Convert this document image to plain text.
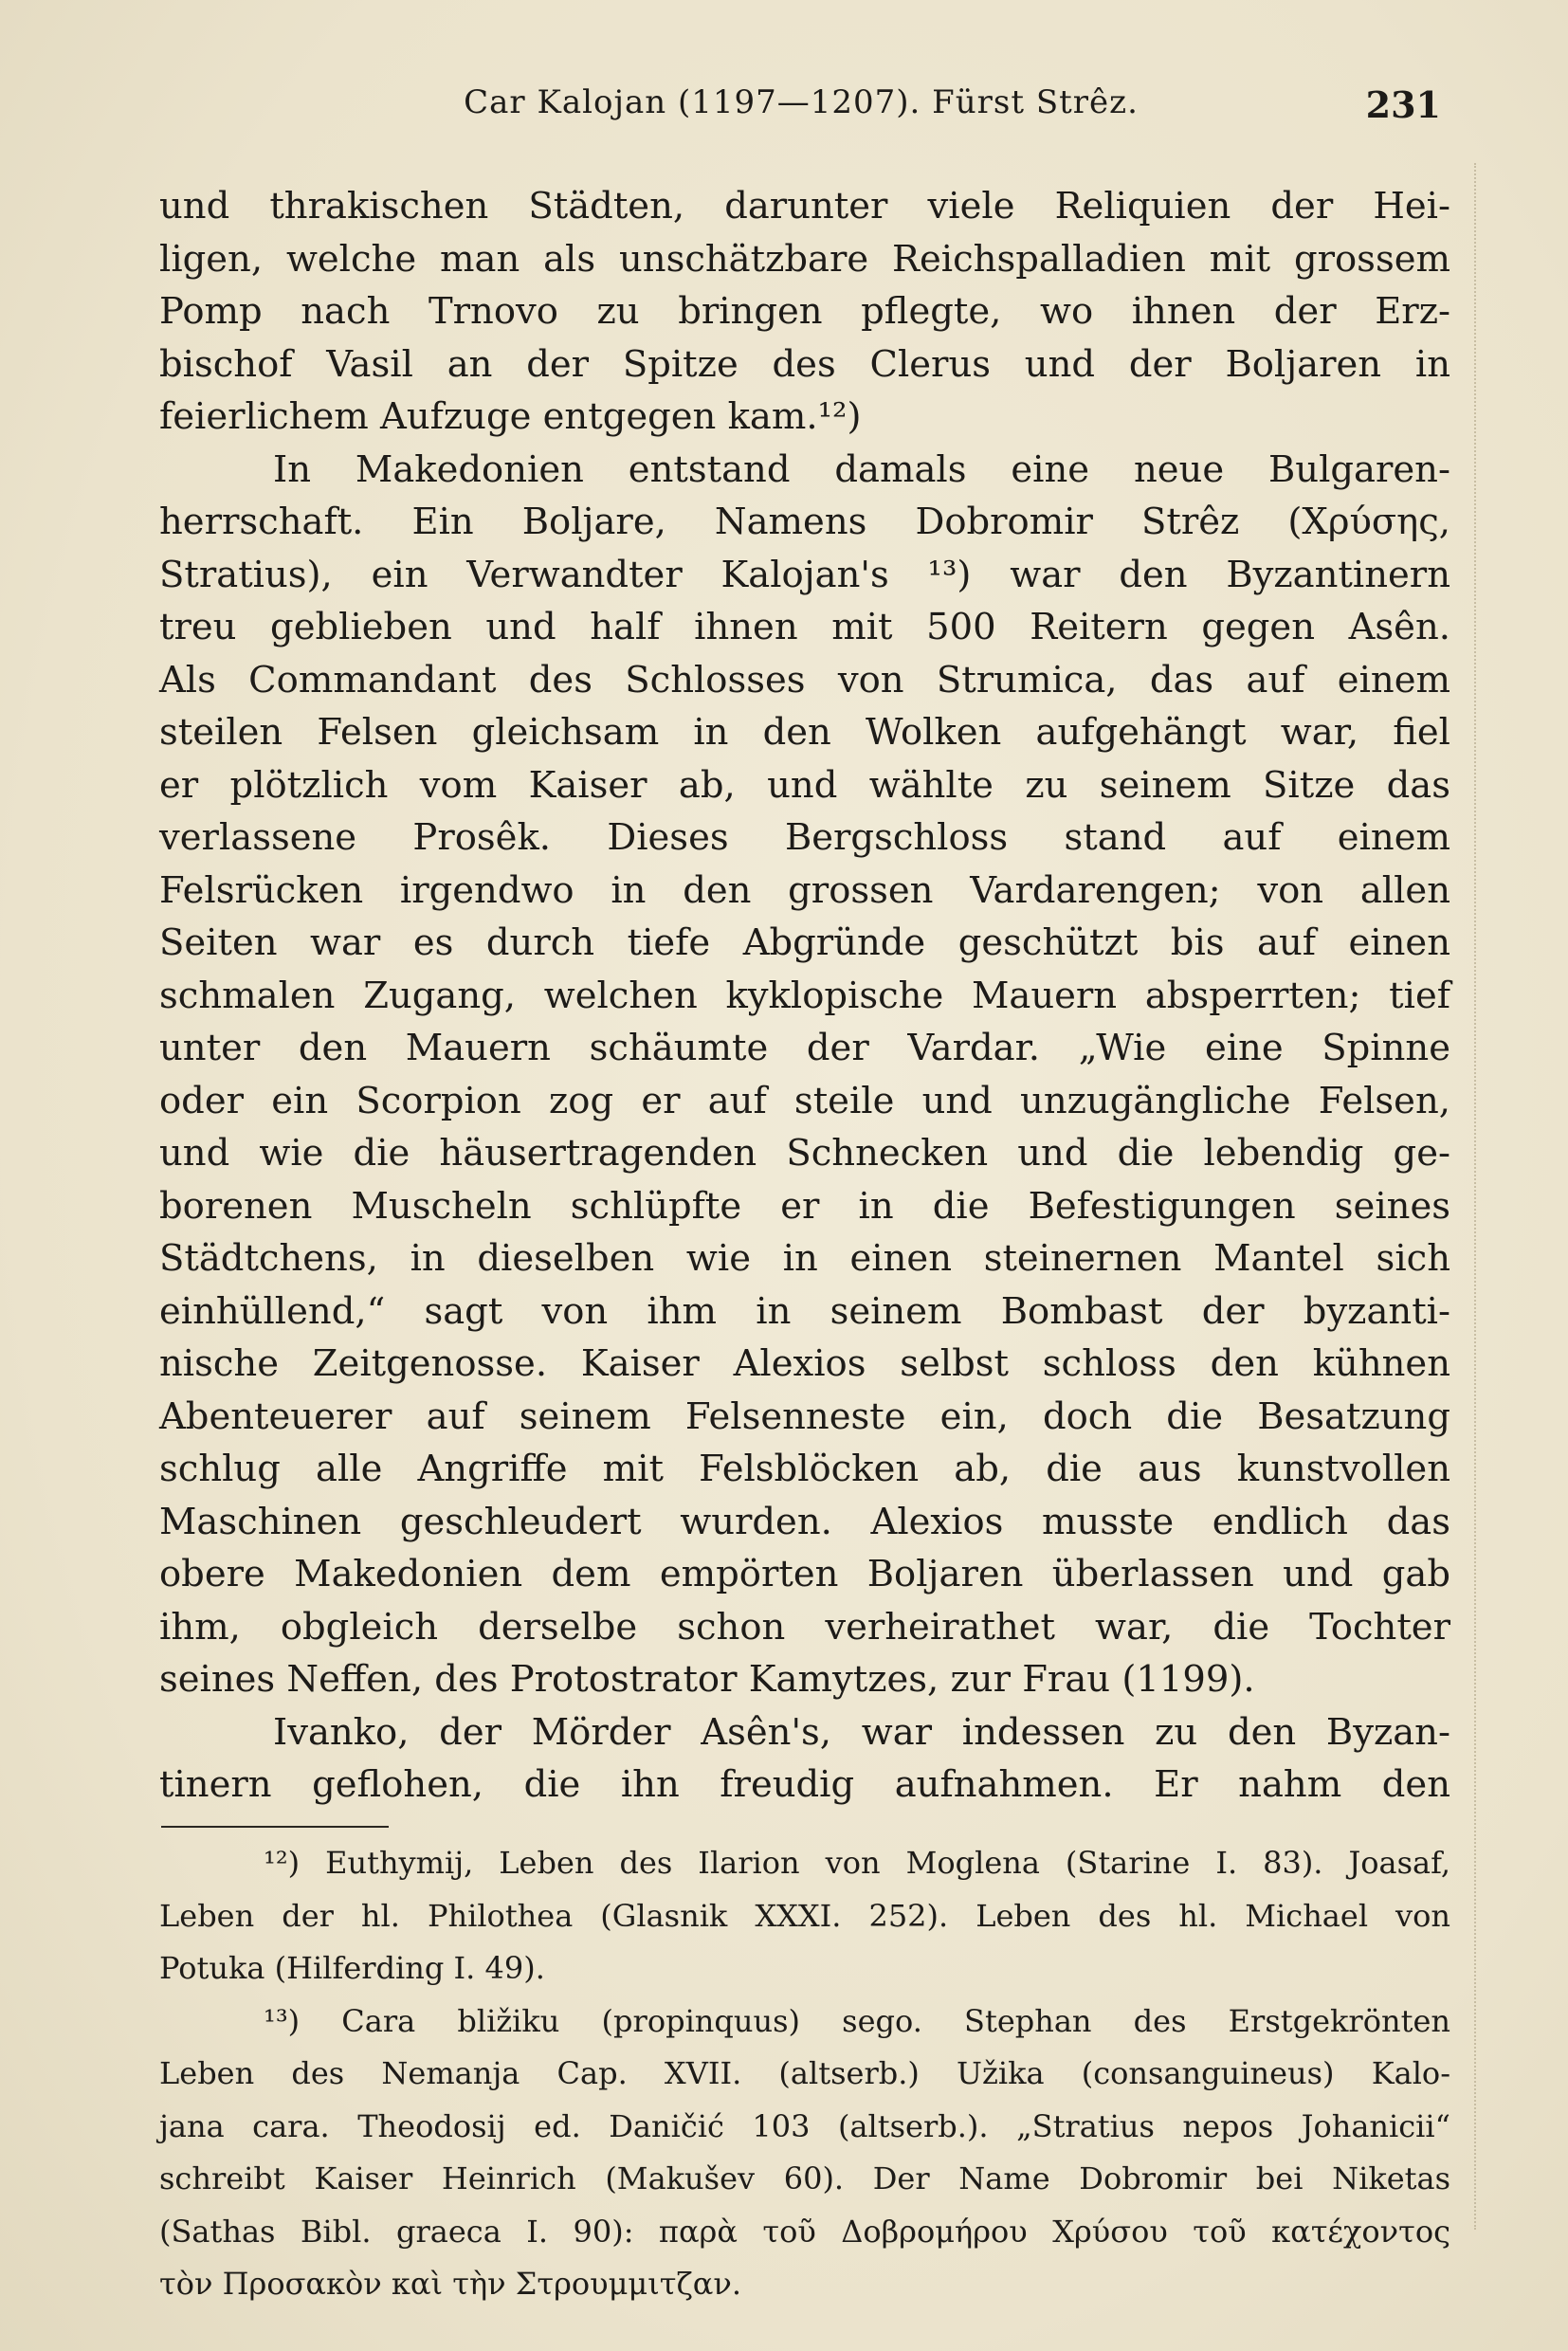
Car Kalojan (1197—1207). Fürst Strêz.	231
und thrakischen Städten, darunter viele Reliquien der Hei-
ligen, welche man als unschätzbare Reichspalladien mit grossem
Pomp nach Trnovo zu bringen pflegte, wo ihnen der Erz-
bischof Vasil an der Spitze des Clerus und der Boljaren in
feierlichem Aufzuge entgegen kam.¹²)
In Makedonien entstand damals eine neue Bulgaren-
herrschaft. Ein Boljare, Namens Dobromir Strêz (Χρύσης,
Stratius), ein Verwandter Kalojan's ¹³) war den Byzantinern
treu geblieben und half ihnen mit 500 Reitern gegen Asên.
Als Commandant des Schlosses von Strumica, das auf einem
steilen Felsen gleichsam in den Wolken aufgehängt war, fiel
er plötzlich vom Kaiser ab, und wählte zu seinem Sitze das
verlassene Prosêk. Dieses Bergschloss stand auf einem
Felsrücken irgendwo in den grossen Vardarengen; von allen
Seiten war es durch tiefe Abgründe geschützt bis auf einen
schmalen Zugang, welchen kyklopische Mauern absperrten; tief
unter den Mauern schäumte der Vardar. „Wie eine Spinne
oder ein Scorpion zog er auf steile und unzugängliche Felsen,
und wie die häusertragenden Schnecken und die lebendig ge-
borenen Muscheln schlüpfte er in die Befestigungen seines
Städtchens, in dieselben wie in einen steinernen Mantel sich
einhüllend,“ sagt von ihm in seinem Bombast der byzanti-
nische Zeitgenosse. Kaiser Alexios selbst schloss den kühnen
Abenteuerer auf seinem Felsenneste ein, doch die Besatzung
schlug alle Angriffe mit Felsblöcken ab, die aus kunstvollen
Maschinen geschleudert wurden. Alexios musste endlich das
obere Makedonien dem empörten Boljaren überlassen und gab
ihm, obgleich derselbe schon verheirathet war, die Tochter
seines Neffen, des Protostrator Kamytzes, zur Frau (1199).
Ivanko, der Mörder Asên's, war indessen zu den Byzan-
tinern geflohen, die ihn freudig aufnahmen. Er nahm den
¹²) Euthymij, Leben des Ilarion von Moglena (Starine I. 83). Joasaf,
Leben der hl. Philothea (Glasnik XXXI. 252). Leben des hl. Michael von
Potuka (Hilferding I. 49).
¹³) Cara bližiku (propinquus) sego. Stephan des Erstgekrönten
Leben des Nemanja Cap. XVII. (altserb.) Užika (consanguineus) Kalo-
jana cara. Theodosij ed. Daničić 103 (altserb.). „Stratius nepos Johanicii“
schreibt Kaiser Heinrich (Makušev 60). Der Name Dobromir bei Niketas
(Sathas Bibl. graeca I. 90): παρὰ τοῦ Δοβρομήρου Χρύσου τοῦ κατέχοντος
τὸν Προσακὸν καὶ τὴν Στρουμμιτζαν.
